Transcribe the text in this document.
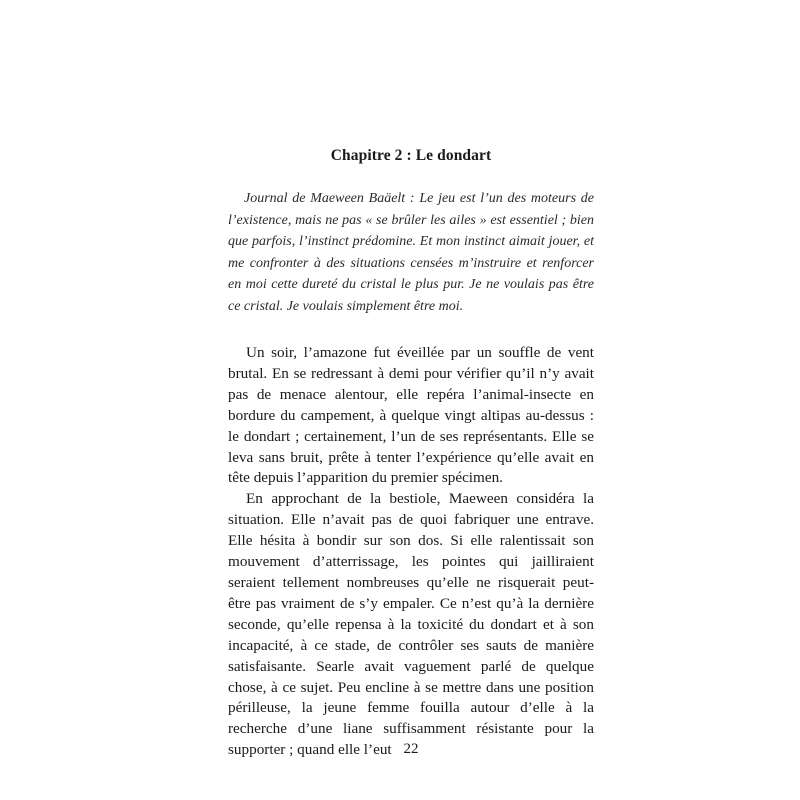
Chapitre 2 : Le dondart

Journal de Maeween Baäelt : Le jeu est l’un des moteurs de l’existence, mais ne pas « se brûler les ailes » est essentiel ; bien que parfois, l’instinct prédomine. Et mon instinct aimait jouer, et me confronter à des situations censées m’instruire et renforcer en moi cette dureté du cristal le plus pur. Je ne voulais pas être ce cristal. Je voulais simplement être moi.

Un soir, l’amazone fut éveillée par un souffle de vent brutal. En se redressant à demi pour vérifier qu’il n’y avait pas de menace alentour, elle repéra l’animal-insecte en bordure du campement, à quelque vingt altipas au-dessus : le dondart ; certainement, l’un de ses représentants. Elle se leva sans bruit, prête à tenter l’expérience qu’elle avait en tête depuis l’apparition du premier spécimen.

En approchant de la bestiole, Maeween considéra la situation. Elle n’avait pas de quoi fabriquer une entrave. Elle hésita à bondir sur son dos. Si elle ralentissait son mouvement d’atterrissage, les pointes qui jailliraient seraient tellement nombreuses qu’elle ne risquerait peut-être pas vraiment de s’y empaler. Ce n’est qu’à la dernière seconde, qu’elle repensa à la toxicité du dondart et à son incapacité, à ce stade, de contrôler ses sauts de manière satisfaisante. Searle avait vaguement parlé de quelque chose, à ce sujet. Peu encline à se mettre dans une position périlleuse, la jeune femme fouilla autour d’elle à la recherche d’une liane suffisamment résistante pour la supporter ; quand elle l’eut 22
